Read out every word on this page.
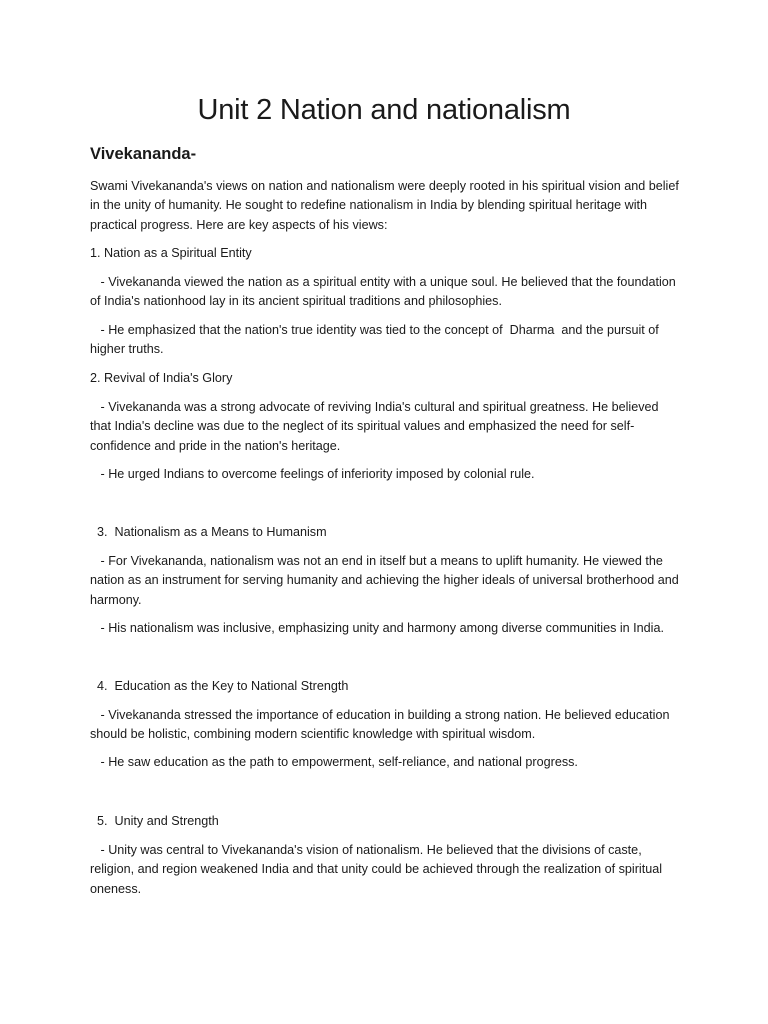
Unit 2 Nation and nationalism
Vivekananda-

Swami Vivekananda's views on nation and nationalism were deeply rooted in his spiritual vision and belief in the unity of humanity. He sought to redefine nationalism in India by blending spiritual heritage with practical progress. Here are key aspects of his views:

1. Nation as a Spiritual Entity

- Vivekananda viewed the nation as a spiritual entity with a unique soul. He believed that the foundation of India's nationhood lay in its ancient spiritual traditions and philosophies.

- He emphasized that the nation's true identity was tied to the concept of  Dharma  and the pursuit of higher truths.

2. Revival of India's Glory

- Vivekananda was a strong advocate of reviving India's cultural and spiritual greatness. He believed that India's decline was due to the neglect of its spiritual values and emphasized the need for self-confidence and pride in the nation's heritage.

- He urged Indians to overcome feelings of inferiority imposed by colonial rule.

3.  Nationalism as a Means to Humanism

- For Vivekananda, nationalism was not an end in itself but a means to uplift humanity. He viewed the nation as an instrument for serving humanity and achieving the higher ideals of universal brotherhood and harmony.

- His nationalism was inclusive, emphasizing unity and harmony among diverse communities in India.

4.  Education as the Key to National Strength

- Vivekananda stressed the importance of education in building a strong nation. He believed education should be holistic, combining modern scientific knowledge with spiritual wisdom.

- He saw education as the path to empowerment, self-reliance, and national progress.

5.  Unity and Strength

- Unity was central to Vivekananda's vision of nationalism. He believed that the divisions of caste, religion, and region weakened India and that unity could be achieved through the realization of spiritual oneness.
